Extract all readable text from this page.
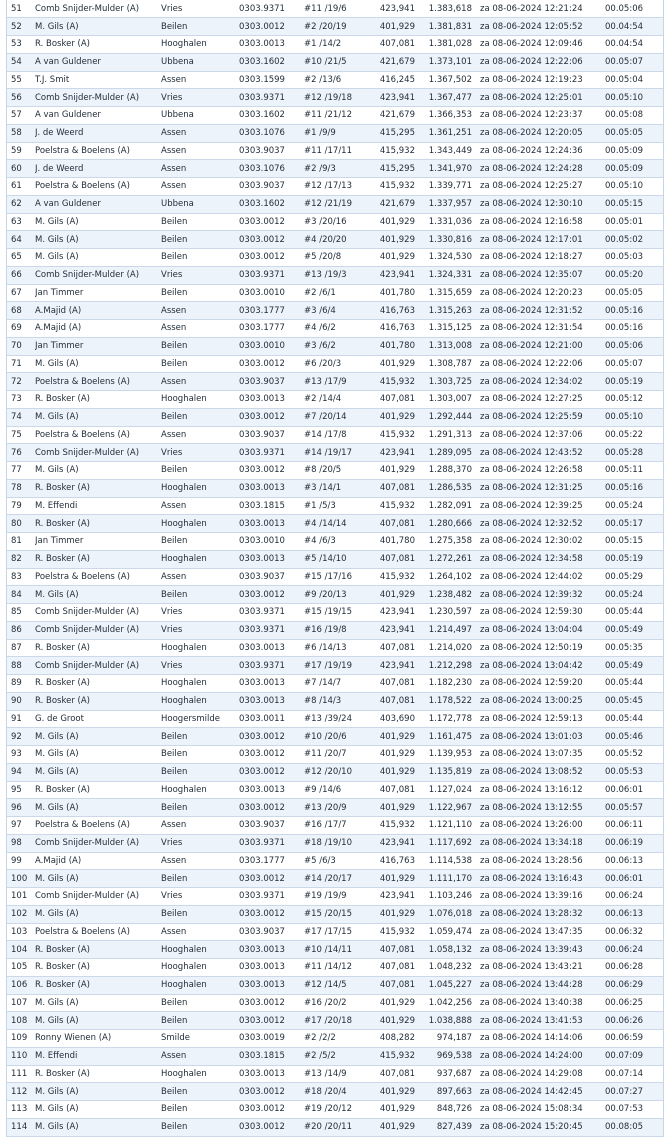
51	Comb Snijder-Mulder (A)	Vries	0303.9371	#11 /19/6	423,941	1.383,618	za 08-06-2024 12:21:24	00.05:06
52	M. Gils (A)	Beilen	0303.0012	#2 /20/19	401,929	1.381,831	za 08-06-2024 12:05:52	00.04:54
53	R. Bosker (A)	Hooghalen	0303.0013	#1 /14/2	407,081	1.381,028	za 08-06-2024 12:09:46	00.04:54
54	A van Guldener	Ubbena	0303.1602	#10 /21/5	421,679	1.373,101	za 08-06-2024 12:22:06	00.05:07
55	T.J. Smit	Assen	0303.1599	#2 /13/6	416,245	1.367,502	za 08-06-2024 12:19:23	00.05:04
56	Comb Snijder-Mulder (A)	Vries	0303.9371	#12 /19/18	423,941	1.367,477	za 08-06-2024 12:25:01	00.05:10
57	A van Guldener	Ubbena	0303.1602	#11 /21/12	421,679	1.366,353	za 08-06-2024 12:23:37	00.05:08
58	J. de Weerd	Assen	0303.1076	#1 /9/9	415,295	1.361,251	za 08-06-2024 12:20:05	00.05:05
59	Poelstra & Boelens (A)	Assen	0303.9037	#11 /17/11	415,932	1.343,449	za 08-06-2024 12:24:36	00.05:09
60	J. de Weerd	Assen	0303.1076	#2 /9/3	415,295	1.341,970	za 08-06-2024 12:24:28	00.05:09
61	Poelstra & Boelens (A)	Assen	0303.9037	#12 /17/13	415,932	1.339,771	za 08-06-2024 12:25:27	00.05:10
62	A van Guldener	Ubbena	0303.1602	#12 /21/19	421,679	1.337,957	za 08-06-2024 12:30:10	00.05:15
63	M. Gils (A)	Beilen	0303.0012	#3 /20/16	401,929	1.331,036	za 08-06-2024 12:16:58	00.05:01
64	M. Gils (A)	Beilen	0303.0012	#4 /20/20	401,929	1.330,816	za 08-06-2024 12:17:01	00.05:02
65	M. Gils (A)	Beilen	0303.0012	#5 /20/8	401,929	1.324,530	za 08-06-2024 12:18:27	00.05:03
66	Comb Snijder-Mulder (A)	Vries	0303.9371	#13 /19/3	423,941	1.324,331	za 08-06-2024 12:35:07	00.05:20
67	Jan Timmer	Beilen	0303.0010	#2 /6/1	401,780	1.315,659	za 08-06-2024 12:20:23	00.05:05
68	A.Majid (A)	Assen	0303.1777	#3 /6/4	416,763	1.315,263	za 08-06-2024 12:31:52	00.05:16
69	A.Majid (A)	Assen	0303.1777	#4 /6/2	416,763	1.315,125	za 08-06-2024 12:31:54	00.05:16
70	Jan Timmer	Beilen	0303.0010	#3 /6/2	401,780	1.313,008	za 08-06-2024 12:21:00	00.05:06
71	M. Gils (A)	Beilen	0303.0012	#6 /20/3	401,929	1.308,787	za 08-06-2024 12:22:06	00.05:07
72	Poelstra & Boelens (A)	Assen	0303.9037	#13 /17/9	415,932	1.303,725	za 08-06-2024 12:34:02	00.05:19
73	R. Bosker (A)	Hooghalen	0303.0013	#2 /14/4	407,081	1.303,007	za 08-06-2024 12:27:25	00.05:12
74	M. Gils (A)	Beilen	0303.0012	#7 /20/14	401,929	1.292,444	za 08-06-2024 12:25:59	00.05:10
75	Poelstra & Boelens (A)	Assen	0303.9037	#14 /17/8	415,932	1.291,313	za 08-06-2024 12:37:06	00.05:22
76	Comb Snijder-Mulder (A)	Vries	0303.9371	#14 /19/17	423,941	1.289,095	za 08-06-2024 12:43:52	00.05:28
77	M. Gils (A)	Beilen	0303.0012	#8 /20/5	401,929	1.288,370	za 08-06-2024 12:26:58	00.05:11
78	R. Bosker (A)	Hooghalen	0303.0013	#3 /14/1	407,081	1.286,535	za 08-06-2024 12:31:25	00.05:16
79	M. Effendi	Assen	0303.1815	#1 /5/3	415,932	1.282,091	za 08-06-2024 12:39:25	00.05:24
80	R. Bosker (A)	Hooghalen	0303.0013	#4 /14/14	407,081	1.280,666	za 08-06-2024 12:32:52	00.05:17
81	Jan Timmer	Beilen	0303.0010	#4 /6/3	401,780	1.275,358	za 08-06-2024 12:30:02	00.05:15
82	R. Bosker (A)	Hooghalen	0303.0013	#5 /14/10	407,081	1.272,261	za 08-06-2024 12:34:58	00.05:19
83	Poelstra & Boelens (A)	Assen	0303.9037	#15 /17/16	415,932	1.264,102	za 08-06-2024 12:44:02	00.05:29
84	M. Gils (A)	Beilen	0303.0012	#9 /20/13	401,929	1.238,482	za 08-06-2024 12:39:32	00.05:24
85	Comb Snijder-Mulder (A)	Vries	0303.9371	#15 /19/15	423,941	1.230,597	za 08-06-2024 12:59:30	00.05:44
86	Comb Snijder-Mulder (A)	Vries	0303.9371	#16 /19/8	423,941	1.214,497	za 08-06-2024 13:04:04	00.05:49
87	R. Bosker (A)	Hooghalen	0303.0013	#6 /14/13	407,081	1.214,020	za 08-06-2024 12:50:19	00.05:35
88	Comb Snijder-Mulder (A)	Vries	0303.9371	#17 /19/19	423,941	1.212,298	za 08-06-2024 13:04:42	00.05:49
89	R. Bosker (A)	Hooghalen	0303.0013	#7 /14/7	407,081	1.182,230	za 08-06-2024 12:59:20	00.05:44
90	R. Bosker (A)	Hooghalen	0303.0013	#8 /14/3	407,081	1.178,522	za 08-06-2024 13:00:25	00.05:45
91	G. de Groot	Hoogersmilde	0303.0011	#13 /39/24	403,690	1.172,778	za 08-06-2024 12:59:13	00.05:44
92	M. Gils (A)	Beilen	0303.0012	#10 /20/6	401,929	1.161,475	za 08-06-2024 13:01:03	00.05:46
93	M. Gils (A)	Beilen	0303.0012	#11 /20/7	401,929	1.139,953	za 08-06-2024 13:07:35	00.05:52
94	M. Gils (A)	Beilen	0303.0012	#12 /20/10	401,929	1.135,819	za 08-06-2024 13:08:52	00.05:53
95	R. Bosker (A)	Hooghalen	0303.0013	#9 /14/6	407,081	1.127,024	za 08-06-2024 13:16:12	00.06:01
96	M. Gils (A)	Beilen	0303.0012	#13 /20/9	401,929	1.122,967	za 08-06-2024 13:12:55	00.05:57
97	Poelstra & Boelens (A)	Assen	0303.9037	#16 /17/7	415,932	1.121,110	za 08-06-2024 13:26:00	00.06:11
98	Comb Snijder-Mulder (A)	Vries	0303.9371	#18 /19/10	423,941	1.117,692	za 08-06-2024 13:34:18	00.06:19
99	A.Majid (A)	Assen	0303.1777	#5 /6/3	416,763	1.114,538	za 08-06-2024 13:28:56	00.06:13
100	M. Gils (A)	Beilen	0303.0012	#14 /20/17	401,929	1.111,170	za 08-06-2024 13:16:43	00.06:01
101	Comb Snijder-Mulder (A)	Vries	0303.9371	#19 /19/9	423,941	1.103,246	za 08-06-2024 13:39:16	00.06:24
102	M. Gils (A)	Beilen	0303.0012	#15 /20/15	401,929	1.076,018	za 08-06-2024 13:28:32	00.06:13
103	Poelstra & Boelens (A)	Assen	0303.9037	#17 /17/15	415,932	1.059,474	za 08-06-2024 13:47:35	00.06:32
104	R. Bosker (A)	Hooghalen	0303.0013	#10 /14/11	407,081	1.058,132	za 08-06-2024 13:39:43	00.06:24
105	R. Bosker (A)	Hooghalen	0303.0013	#11 /14/12	407,081	1.048,232	za 08-06-2024 13:43:21	00.06:28
106	R. Bosker (A)	Hooghalen	0303.0013	#12 /14/5	407,081	1.045,227	za 08-06-2024 13:44:28	00.06:29
107	M. Gils (A)	Beilen	0303.0012	#16 /20/2	401,929	1.042,256	za 08-06-2024 13:40:38	00.06:25
108	M. Gils (A)	Beilen	0303.0012	#17 /20/18	401,929	1.038,888	za 08-06-2024 13:41:53	00.06:26
109	Ronny Wienen (A)	Smilde	0303.0019	#2 /2/2	408,282	974,187	za 08-06-2024 14:14:06	00.06:59
110	M. Effendi	Assen	0303.1815	#2 /5/2	415,932	969,538	za 08-06-2024 14:24:00	00.07:09
111	R. Bosker (A)	Hooghalen	0303.0013	#13 /14/9	407,081	937,687	za 08-06-2024 14:29:08	00.07:14
112	M. Gils (A)	Beilen	0303.0012	#18 /20/4	401,929	897,663	za 08-06-2024 14:42:45	00.07:27
113	M. Gils (A)	Beilen	0303.0012	#19 /20/12	401,929	848,726	za 08-06-2024 15:08:34	00.07:53
114	M. Gils (A)	Beilen	0303.0012	#20 /20/11	401,929	827,439	za 08-06-2024 15:20:45	00.08:05
